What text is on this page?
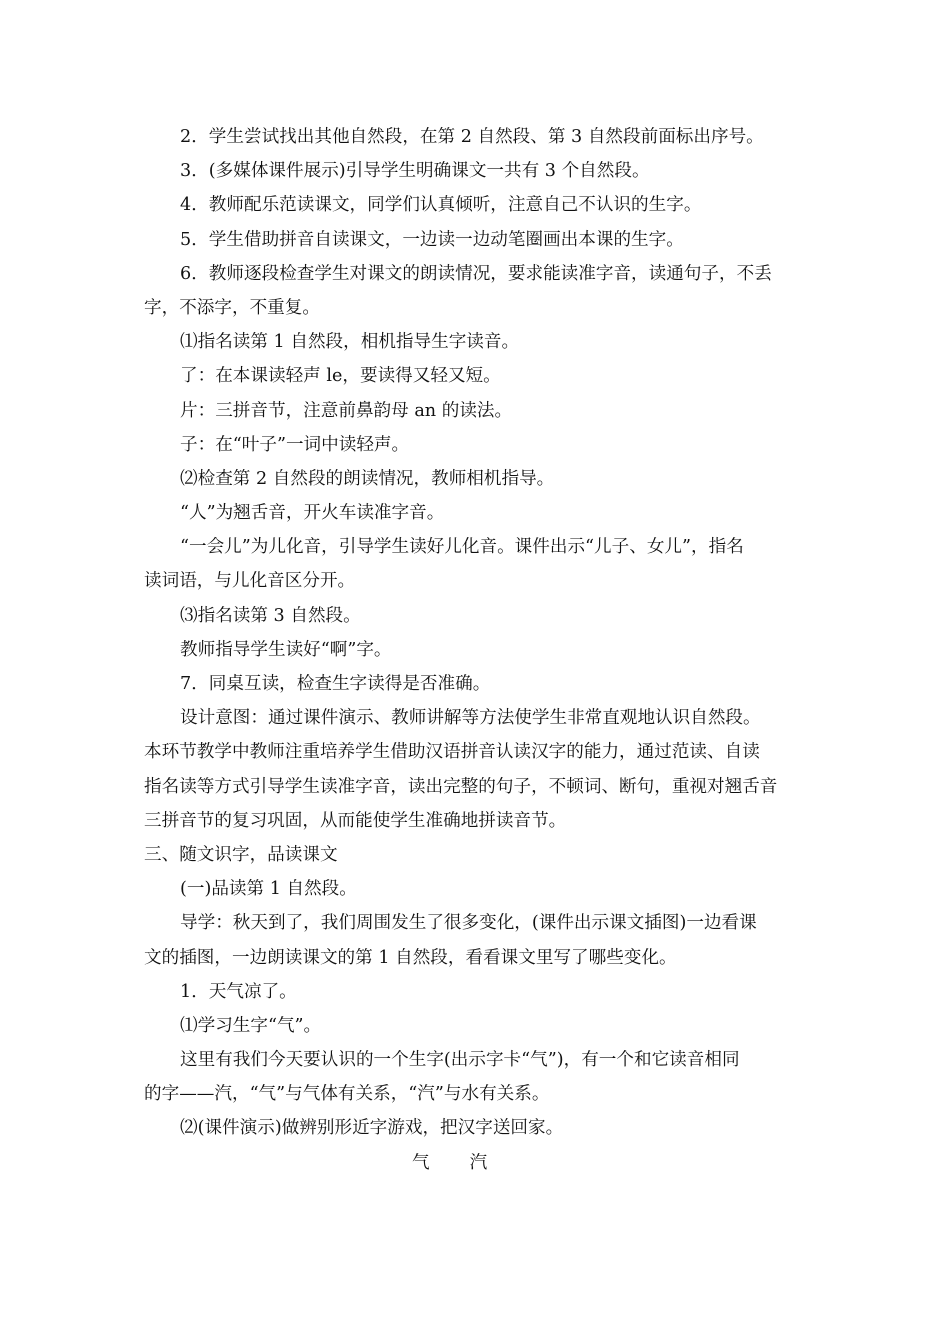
2．学生尝试找出其他自然段，在第 2 自然段、第 3 自然段前面标出序号。

3．(多媒体课件展示)引导学生明确课文一共有 3 个自然段。

4．教师配乐范读课文，同学们认真倾听，注意自己不认识的生字。

5．学生借助拼音自读课文，一边读一边动笔圈画出本课的生字。

6．教师逐段检查学生对课文的朗读情况，要求能读准字音，读通句子，不丢

字，不添字，不重复。

⑴指名读第 1 自然段，相机指导生字读音。

了：在本课读轻声 le，要读得又轻又短。

片：三拼音节，注意前鼻韵母 an 的读法。

子：在“叶子”一词中读轻声。

⑵检查第 2 自然段的朗读情况，教师相机指导。

“人”为翘舌音，开火车读准字音。

“一会儿”为儿化音，引导学生读好儿化音。课件出示“儿子、女儿”，指名

读词语，与儿化音区分开。

⑶指名读第 3 自然段。

教师指导学生读好“啊”字。

7．同桌互读，检查生字读得是否准确。

设计意图：通过课件演示、教师讲解等方法使学生非常直观地认识自然段。

本环节教学中教师注重培养学生借助汉语拼音认读汉字的能力，通过范读、自读

指名读等方式引导学生读准字音，读出完整的句子，不顿词、断句，重视对翘舌音

三拼音节的复习巩固，从而能使学生准确地拼读音节。

三、随文识字，品读课文

(一)品读第 1 自然段。

导学：秋天到了，我们周围发生了很多变化，(课件出示课文插图)一边看课

文的插图，一边朗读课文的第 1 自然段，看看课文里写了哪些变化。

1．天气凉了。

⑴学习生字“气”。

这里有我们今天要认识的一个生字(出示字卡“气”)，有一个和它读音相同

的字——汽，“气”与气体有关系，“汽”与水有关系。

⑵(课件演示)做辨别形近字游戏，把汉字送回家。

气 汽
